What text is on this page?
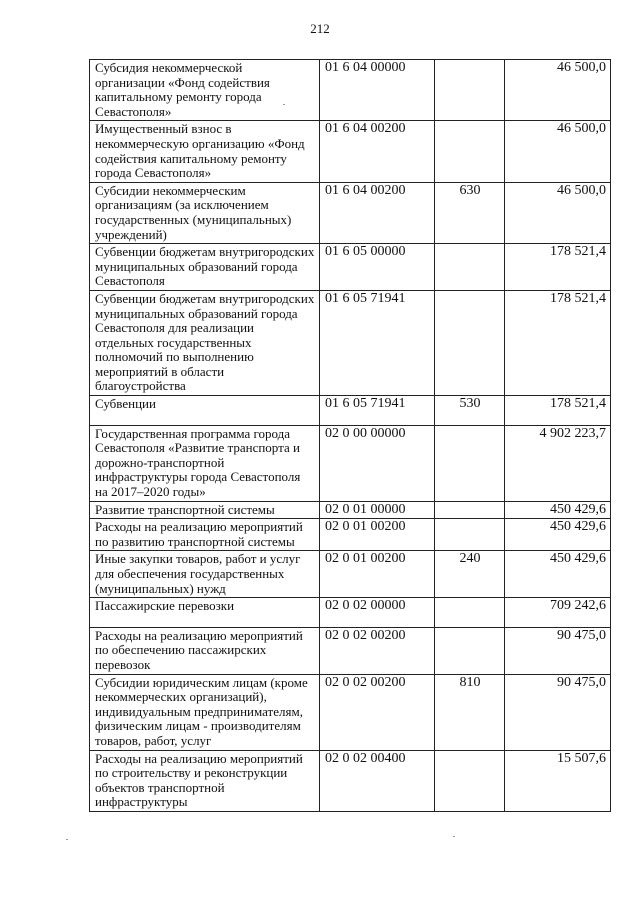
212
Субсидия некоммерческой организации «Фонд содействия капитальному ремонту города Севастополя»	01 6 04 00000		46 500,0
Имущественный взнос в некоммерческую организацию «Фонд содействия капитальному ремонту города Севастополя»	01 6 04 00200		46 500,0
Субсидии некоммерческим организациям (за исключением государственных (муниципальных) учреждений)	01 6 04 00200	630	46 500,0
Субвенции бюджетам внутригородских муниципальных образований города Севастополя	01 6 05 00000		178 521,4
Субвенции бюджетам внутригородских муниципальных образований города Севастополя для реализации отдельных государственных полномочий по выполнению мероприятий в области благоустройства	01 6 05 71941		178 521,4

Субвенции	01 6 05 71941	530	178 521,4
Государственная программа города Севастополя «Развитие транспорта и дорожно-транспортной инфраструктуры города Севастополя на 2017–2020 годы»	02 0 00 00000		4 902 223,7
Развитие транспортной системы	02 0 01 00000		450 429,6
Расходы на реализацию мероприятий по развитию транспортной системы	02 0 01 00200		450 429,6
Иные закупки товаров, работ и услуг для обеспечения государственных (муниципальных) нужд	02 0 01 00200	240	450 429,6

Пассажирские перевозки	02 0 02 00000		709 242,6
Расходы на реализацию мероприятий по обеспечению пассажирских перевозок	02 0 02 00200		90 475,0
Субсидии юридическим лицам (кроме некоммерческих организаций), индивидуальным предпринимателям, физическим лицам - производителям товаров, работ, услуг	02 0 02 00200	810	90 475,0
Расходы на реализацию мероприятий по строительству и реконструкции объектов транспортной инфраструктуры	02 0 02 00400		15 507,6
